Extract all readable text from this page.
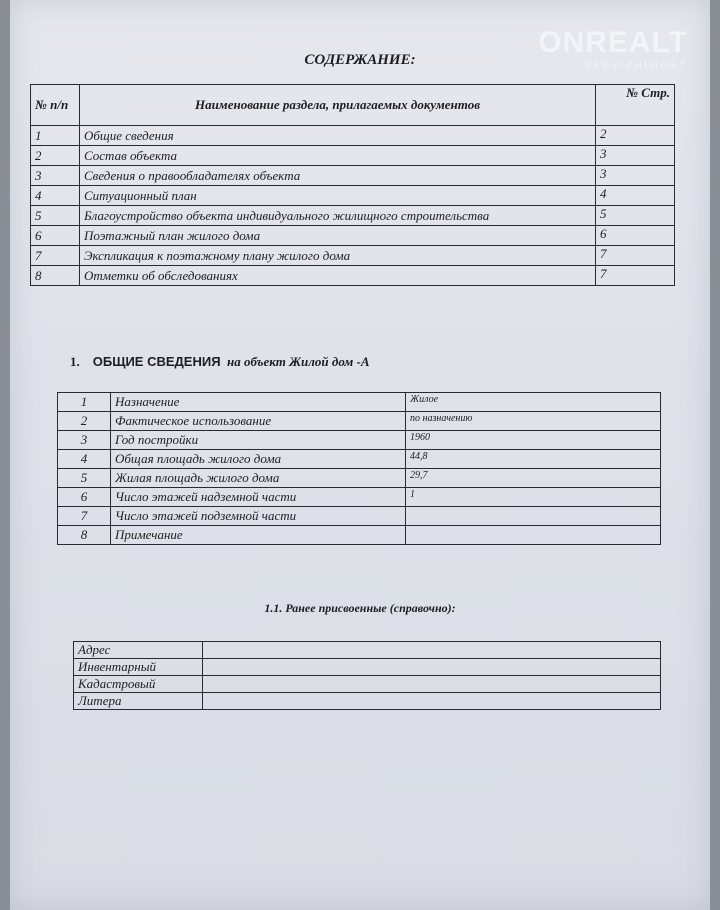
ONREALT
NEDVIZHIMOST
СОДЕРЖАНИЕ:
№ п/п	Наименование раздела, прилагаемых документов	№ Стр.
1	Общие сведения	2
2	Состав объекта	3
3	Сведения о правообладателях объекта	3
4	Ситуационный план	4
5	Благоустройство объекта индивидуального жилищного строительства	5
6	Поэтажный план жилого дома	6
7	Экспликация к поэтажному плану жилого дома	7
8	Отметки об обследованиях	7
1. ОБЩИЕ СВЕДЕНИЯ на объект Жилой дом -А
1	Назначение	Жилое
2	Фактическое использование	по назначению
3	Год постройки	1960
4	Общая площадь жилого дома	44,8
5	Жилая площадь жилого дома	29,7
6	Число этажей надземной части	1
7	Число этажей подземной части	
8	Примечание	
1.1. Ранее присвоенные (справочно):
Адрес	
Инвентарный	
Кадастровый	
Литера	
